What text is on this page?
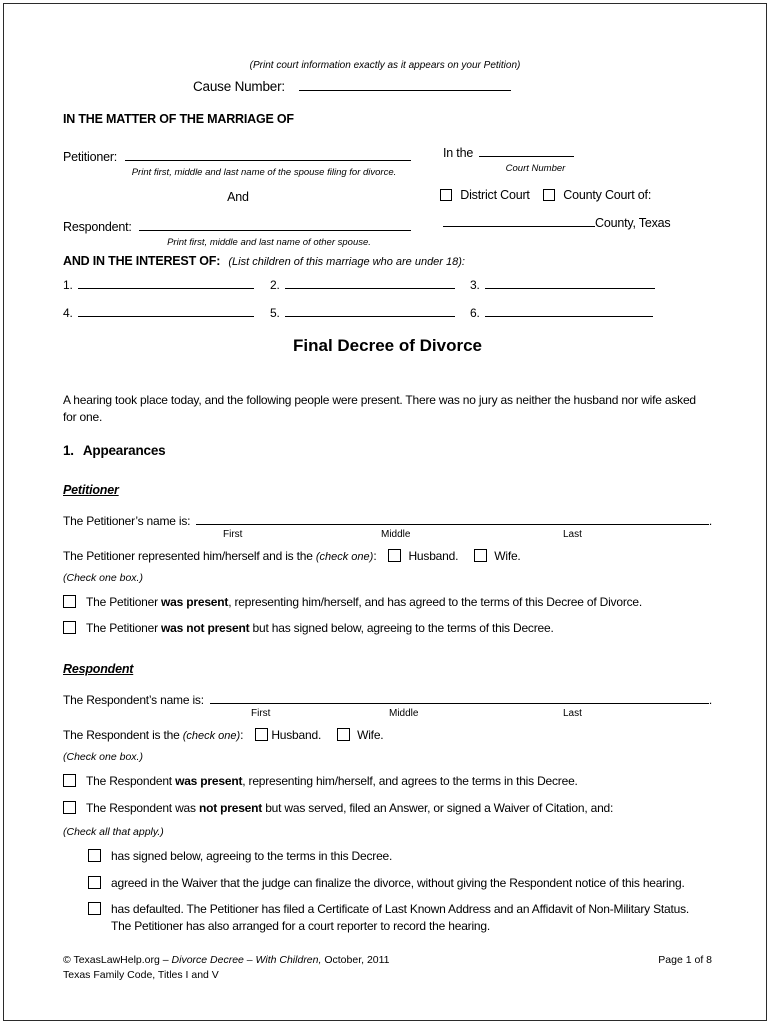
(Print court information exactly as it appears on your Petition)
Cause Number:
IN THE MATTER OF THE MARRIAGE OF
Petitioner:	In the
Print first, middle and last name of the spouse filing for divorce.	Court Number
And	District Court	County Court of:
Respondent:	County, Texas
Print first, middle and last name of other spouse.
AND IN THE INTEREST OF: (List children of this marriage who are under 18):
1.	2.	3.
4.	5.	6.
Final Decree of Divorce

A hearing took place today, and the following people were present. There was no jury as neither the husband nor wife asked for one.

1. Appearances
Petitioner
The Petitioner’s name is:	.
First	Middle	Last
The Petitioner represented him/herself and is the (check one):	Husband.	Wife.
(Check one box.)
The Petitioner was present, representing him/herself, and has agreed to the terms of this Decree of Divorce.
The Petitioner was not present but has signed below, agreeing to the terms of this Decree.
Respondent
The Respondent’s name is:	.
First	Middle	Last
The Respondent is the (check one): Husband.	Wife.
(Check one box.)
The Respondent was present, representing him/herself, and agrees to the terms in this Decree.
The Respondent was not present but was served, filed an Answer, or signed a Waiver of Citation, and:
(Check all that apply.)
has signed below, agreeing to the terms in this Decree.
agreed in the Waiver that the judge can finalize the divorce, without giving the Respondent notice of this hearing.
has defaulted. The Petitioner has filed a Certificate of Last Known Address and an Affidavit of Non-Military Status. The Petitioner has also arranged for a court reporter to record the hearing.
© TexasLawHelp.org – Divorce Decree – With Children, October, 2011
Texas Family Code, Titles I and V
Page 1 of 8
